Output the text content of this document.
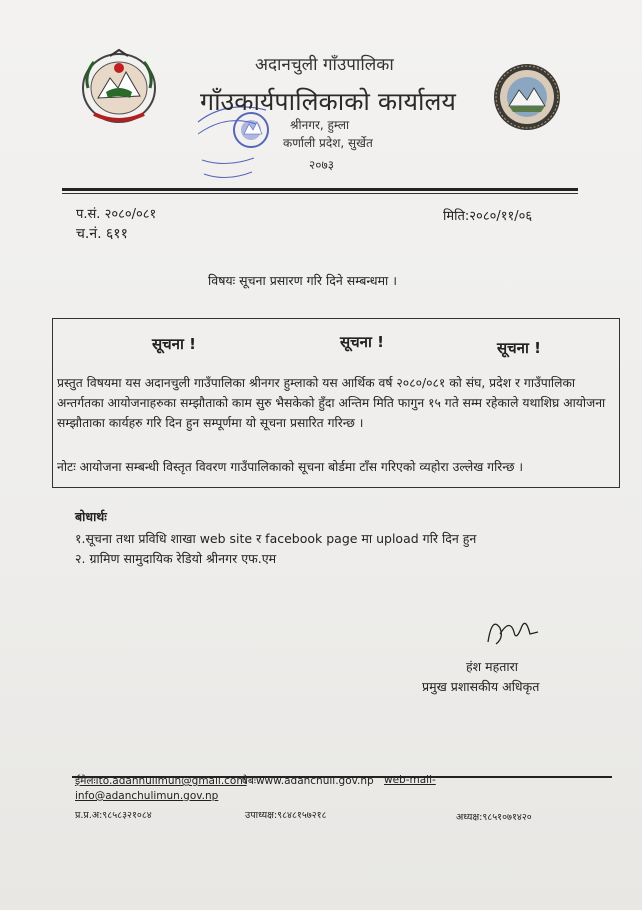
अदानचुली गाँउपालिका
गाँउकार्यपालिकाको कार्यालय
श्रीनगर, हुम्ला
कर्णाली प्रदेश, सुर्खेत
२०७३
प.सं. २०८०/०८१
च.नं. ६११
मिति:२०८०/११/०६
विषयः सूचना प्रसारण गरि दिने सम्बन्धमा ।
सूचना !	सूचना !	सूचना !
प्रस्तुत विषयमा यस अदानचुली गाउँपालिका श्रीनगर हुम्लाको यस आर्थिक वर्ष २०८०/०८१ को संघ, प्रदेश र गाउँपालिका अन्तर्गतका आयोजनाहरुका सम्झौताको काम सुरु भैसकेको हुँदा अन्तिम मिति फागुन १५ गते सम्म रहेकाले यथाशिघ्र आयोजना सम्झौताका कार्यहरु गरि दिन हुन सम्पूर्णमा यो सूचना प्रसारित गरिन्छ ।
नोटः आयोजना सम्बन्धी विस्तृत विवरण गाउँपालिकाको सूचना बोर्डमा टाँस गरिएको व्यहोरा उल्लेख गरिन्छ ।
बोधार्थः
१.सूचना तथा प्रविधि शाखा web site र facebook page मा upload गरि दिन हुन
२. ग्रामिण सामुदायिक रेडियो श्रीनगर एफ.एम
हंश महतारा
प्रमुख प्रशासकीय अधिकृत
ईमेलःito.adanhulimun@gmail.com
वेबःwww.adanchuli.gov.np web-mail-
info@adanchulimun.gov.np
प्र.प्र.अ:९८५८३२१०८४	उपाध्यक्ष:९८४८१५७२१८	अध्यक्ष:९८५१०७१४२०
